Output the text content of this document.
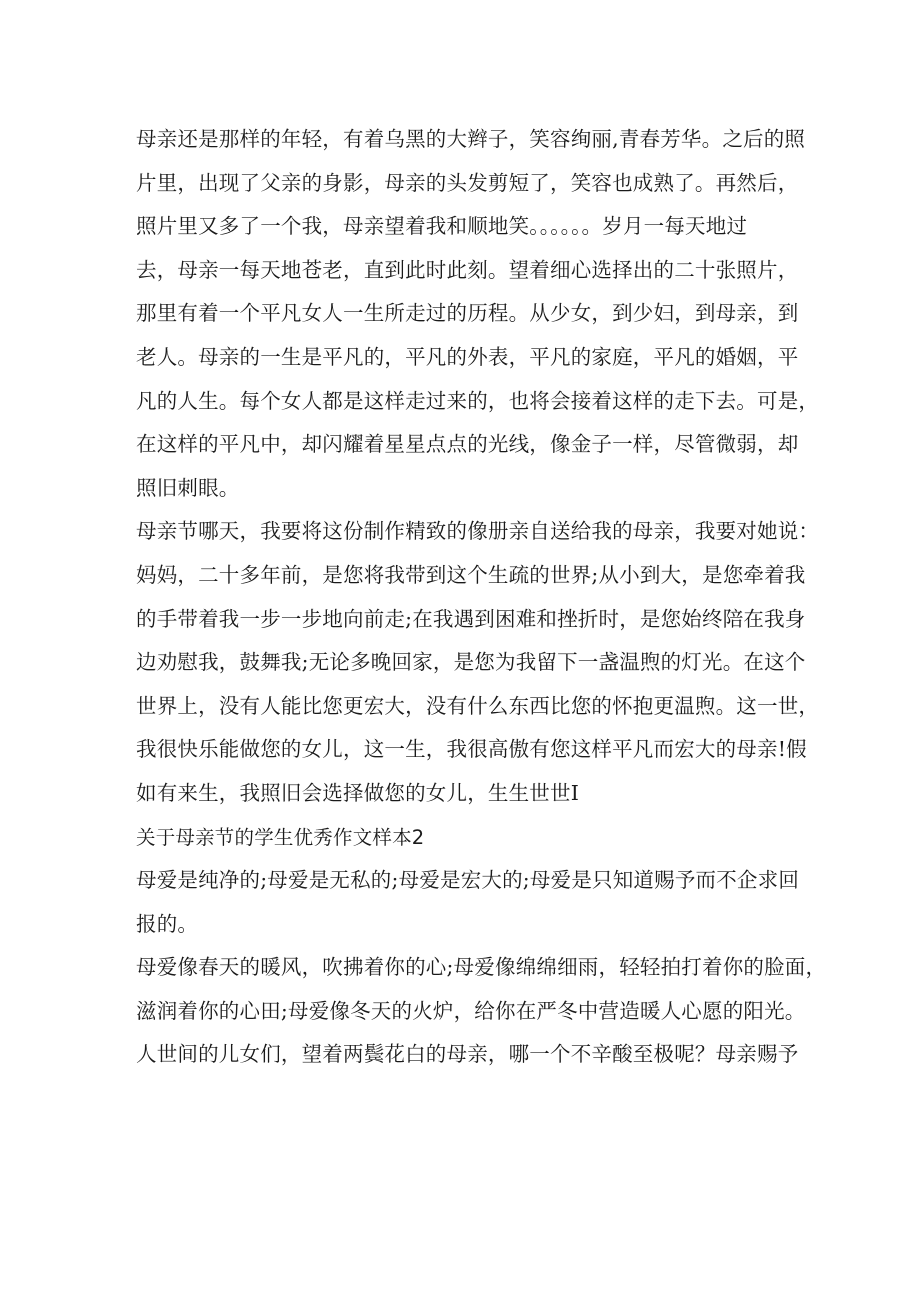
母亲还是那样的年轻，有着乌黑的大辫子，笑容绚丽,青春芳华。之后的照
片里，出现了父亲的身影，母亲的头发剪短了，笑容也成熟了。再然后，
照片里又多了一个我，母亲望着我和顺地笑。。。。。。岁月一每天地过
去，母亲一每天地苍老，直到此时此刻。望着细心选择出的二十张照片，
那里有着一个平凡女人一生所走过的历程。从少女，到少妇，到母亲，到
老人。母亲的一生是平凡的，平凡的外表，平凡的家庭，平凡的婚姻，平
凡的人生。每个女人都是这样走过来的，也将会接着这样的走下去。可是，
在这样的平凡中，却闪耀着星星点点的光线，像金子一样，尽管微弱，却
照旧刺眼。
母亲节哪天，我要将这份制作精致的像册亲自送给我的母亲，我要对她说：
妈妈，二十多年前，是您将我带到这个生疏的世界;从小到大，是您牵着我
的手带着我一步一步地向前走;在我遇到困难和挫折时，是您始终陪在我身
边劝慰我，鼓舞我;无论多晚回家，是您为我留下一盏温煦的灯光。在这个
世界上，没有人能比您更宏大，没有什么东西比您的怀抱更温煦。这一世，
我很快乐能做您的女儿，这一生，我很高傲有您这样平凡而宏大的母亲!假
如有来生，我照旧会选择做您的女儿，生生世世I
关于母亲节的学生优秀作文样本2
母爱是纯净的;母爱是无私的;母爱是宏大的;母爱是只知道赐予而不企求回
报的。
母爱像春天的暖风，吹拂着你的心;母爱像绵绵细雨，轻轻拍打着你的脸面，
滋润着你的心田;母爱像冬天的火炉，给你在严冬中营造暖人心愿的阳光。
人世间的儿女们，望着两鬓花白的母亲，哪一个不辛酸至极呢？母亲赐予
